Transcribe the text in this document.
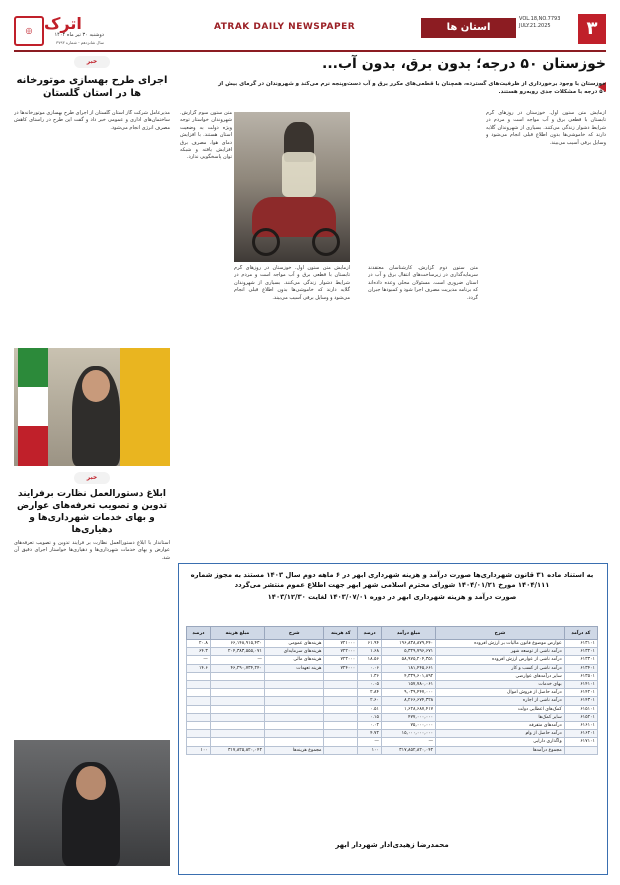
۳
VOL.18,NO.7793 JULY.21.2025
استان ها
ATRAK DAILY NEWSPAPER
◎ اترک
دوشنبه ۳۰ تیر ماه ۱۴۰۴
سال شانزدهم - شماره ۳۷۹۳
خوزستان ۵۰ درجه؛ بدون برق، بدون آب...
خوزستان با وجود برخورداری از ظرفیت‌های گسترده، همچنان با قطعی‌های مکرر برق و آب دست‌وپنجه نرم می‌کند و شهروندان در گرمای بیش از ۵۰ درجه با مشکلات جدی روبه‌رو هستند.
آزمایش متن ستون اول. خوزستان در روزهای گرم تابستان با قطعی برق و آب مواجه است و مردم در شرایط دشوار زندگی می‌کنند. بسیاری از شهروندان گلایه دارند که خاموشی‌ها بدون اطلاع قبلی انجام می‌شود و وسایل برقی آسیب می‌بیند.
متن ستون دوم گزارش. کارشناسان معتقدند سرمایه‌گذاری در زیرساخت‌های انتقال برق و آب در استان ضروری است. مسئولان محلی وعده داده‌اند که برنامه مدیریت مصرف اجرا شود و کمبودها جبران گردد.
متن ستون سوم گزارش. شهروندان خواستار توجه ویژه دولت به وضعیت استان هستند. با افزایش دمای هوا، مصرف برق افزایش یافته و شبکه توان پاسخگویی ندارد.
آزمایش متن ستون اول. خوزستان در روزهای گرم تابستان با قطعی برق و آب مواجه است و مردم در شرایط دشوار زندگی می‌کنند. بسیاری از شهروندان گلایه دارند که خاموشی‌ها بدون اطلاع قبلی انجام می‌شود و وسایل برقی آسیب می‌بیند.
خبر
اجرای طرح بهسازی موتورخانه ها در استان گلستان
مدیرعامل شرکت گاز استان گلستان از اجرای طرح بهسازی موتورخانه‌ها در ساختمان‌های اداری و عمومی خبر داد و گفت این طرح در راستای کاهش مصرف انرژی انجام می‌شود.
خبر
ابلاغ دستورالعمل نظارت برفرایند تدوین و تصویب تعرفه‌های عوارض و بهای خدمات شهرداری‌ها و دهیاری‌ها
استاندار با ابلاغ دستورالعمل نظارت بر فرایند تدوین و تصویب تعرفه‌های عوارض و بهای خدمات شهرداری‌ها و دهیاری‌ها خواستار اجرای دقیق آن شد.
به استناد ماده ۳۱ قانون شهرداری‌ها صورت درآمد و هزینه شهرداری ابهر در ۶ ماهه دوم سال ۱۴۰۳ مستند به مجوز شماره ۱۴۰۴/۱۱۱ مورخ ۱۴۰۴/۰۱/۲۱ شورای محترم اسلامی شهر ابهر جهت اطلاع عموم منتشر می‌گردد
صورت درآمد و هزینه شهرداری ابهر در دوره ۱۴۰۳/۰۷/۰۱ لغایت ۱۴۰۳/۱۲/۳۰
کد درآمد	شرح	مبلغ درآمد	درصد	کد هزینه	شرح	مبلغ هزینه	درصد
۶۱۳۱۰۱	عوارض موضوع قانون مالیات بر ارزش افزوده	۱۹۶,۸۳۸,۸۷۹,۴۴۰	۶۱.۹۴	۷۲۱۰۰۰	هزینه‌های عمومی	۶۶,۱۴۸,۹۱۵,۴۳۰	۲۰.۸
۶۱۳۲۰۱	درآمد ناشی از توسعه شهر	۵,۳۲۹,۷۹۶,۶۷۱	۱.۶۸	۷۲۲۰۰۰	هزینه‌های سرمایه‌ای	۲۰۴,۳۸۳,۵۵۵,۰۷۱	۶۴.۳
۶۱۳۳۰۱	درآمد ناشی از عوارض ارزش افزوده	۵۸,۹۷۵,۲۰۴,۳۵۱	۱۸.۵۶	۷۲۳۰۰۰	هزینه‌های مالی	—	—
۶۱۳۴۰۱	درآمد ناشی از کسب و کار	۱۸۱,۴۴۵,۶۶۱	۰.۰۶	۷۲۴۰۰۰	هزینه تعهدات	۴۶,۲۹۰,۷۳۴,۲۴۰	۱۴.۶
۶۱۳۵۰۱	سایر درآمدهای عوارضی	۴,۳۳۹,۶۰۱,۸۹۲	۱.۳۶				
۶۱۴۱۰۱	بهای خدمات	۱۵۷,۷۸۰,۰۶۱	۰.۰۵				
۶۱۴۲۰۱	درآمد حاصل از فروش اموال	۹,۰۳۹,۴۴۷,۰۰۰	۲.۸۴				
۶۱۴۳۰۱	درآمد ناشی از اجاره	۸,۲۶۶,۶۷۴,۳۲۸	۲.۶۰				
۶۱۵۱۰۱	کمک‌های اعطایی دولت	۱,۶۲۸,۶۸۷,۴۱۷	۰.۵۱				
۶۱۵۲۰۱	سایر کمک‌ها	۴۷۷,۰۰۰,۰۰۰	۰.۱۵				
۶۱۶۱۰۱	درآمدهای متفرقه	۷۵,۰۰۰,۰۰۰	۰.۰۲				
۶۱۶۲۰۱	درآمد حاصل از وام	۱۵,۰۰۰,۰۰۰,۰۰۰	۴.۷۲				
۶۱۷۱۰۱	واگذاری دارایی	—	—				
	مجموع درآمدها	۳۱۷,۸۵۲,۸۲۰,۰۴۲	۱۰۰		مجموع هزینه‌ها	۳۱۷,۸۲۵,۸۲۰,۰۴۲	۱۰۰
محمدرضا زهیدی‌ادار شهردار ابهر
